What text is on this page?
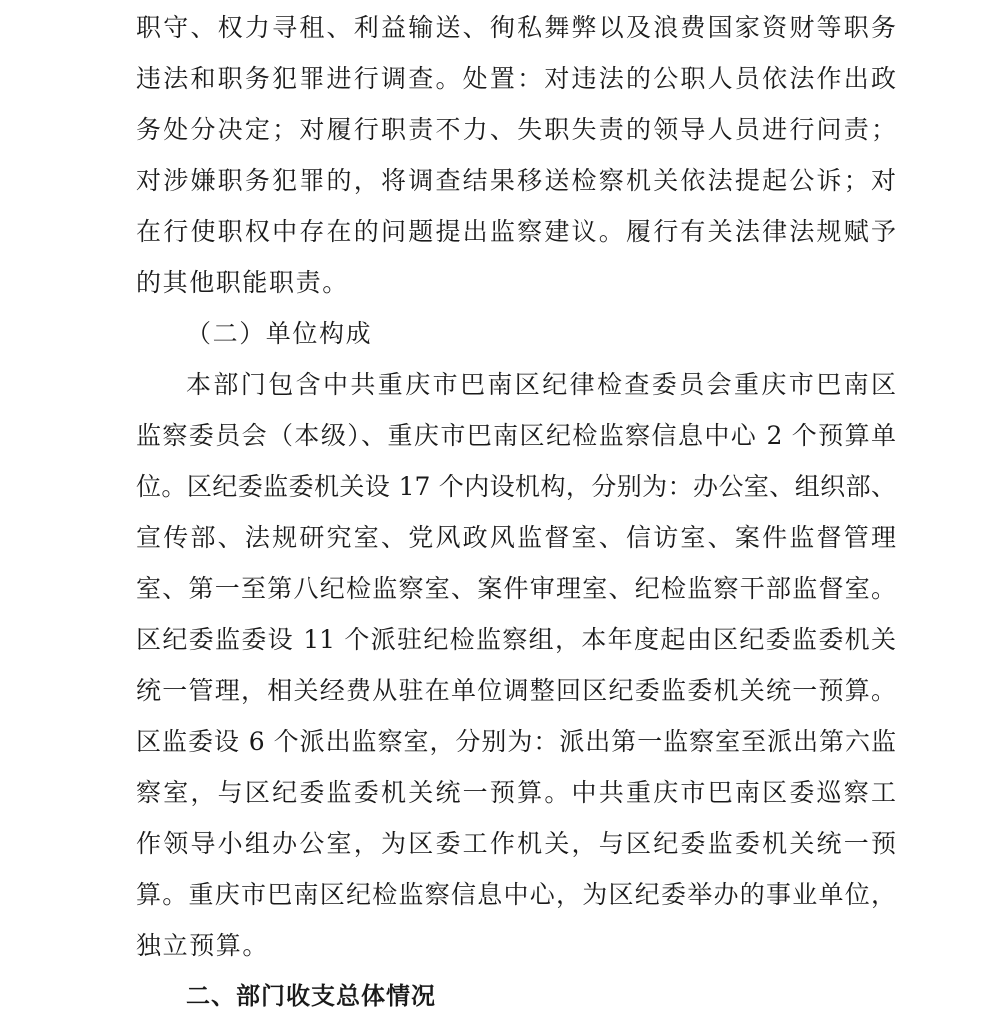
职守、权力寻租、利益输送、徇私舞弊以及浪费国家资财等职务
违法和职务犯罪进行调查。处置：对违法的公职人员依法作出政
务处分决定；对履行职责不力、失职失责的领导人员进行问责；
对涉嫌职务犯罪的，将调查结果移送检察机关依法提起公诉；对
在行使职权中存在的问题提出监察建议。履行有关法律法规赋予
的其他职能职责。
（二）单位构成
本部门包含中共重庆市巴南区纪律检查委员会重庆市巴南区
监察委员会（本级）、重庆市巴南区纪检监察信息中心 2 个预算单
位。区纪委监委机关设 17 个内设机构，分别为：办公室、组织部、
宣传部、法规研究室、党风政风监督室、信访室、案件监督管理
室、第一至第八纪检监察室、案件审理室、纪检监察干部监督室。
区纪委监委设 11 个派驻纪检监察组，本年度起由区纪委监委机关
统一管理，相关经费从驻在单位调整回区纪委监委机关统一预算。
区监委设 6 个派出监察室，分别为：派出第一监察室至派出第六监
察室，与区纪委监委机关统一预算。中共重庆市巴南区委巡察工
作领导小组办公室，为区委工作机关，与区纪委监委机关统一预
算。重庆市巴南区纪检监察信息中心，为区纪委举办的事业单位，
独立预算。
二、部门收支总体情况
